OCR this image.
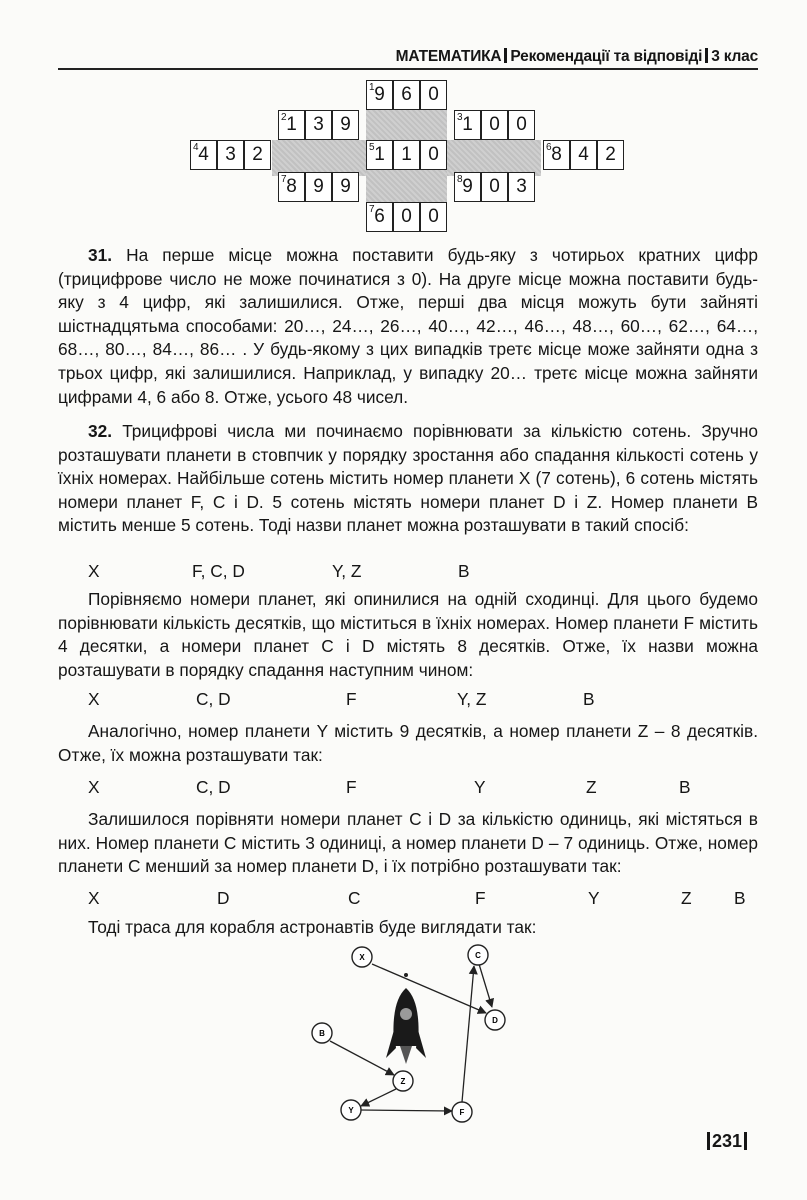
МАТЕМАТИКА Рекомендації та відповіді 3 клас
1 9 6 0
2 1 3 9	3 1 0 0
4 4 3 2	5 1 1 0	6 8 4 2
7 8 9 9	8 9 0 3
7 6 0 0
31. На перше місце можна поставити будь-яку з чотирьох кратних цифр (трицифрове число не може починатися з 0). На друге місце можна поставити будь-яку з 4 цифр, які залишилися. Отже, перші два місця можуть бути зайняті шістнадцятьма способами: 20…, 24…, 26…, 40…, 42…, 46…, 48…, 60…, 62…, 64…, 68…, 80…, 84…, 86… . У будь-якому з цих випадків третє місце може зайняти одна з трьох цифр, які залишилися. Наприклад, у випадку 20… третє місце можна зайняти цифрами 4, 6 або 8. Отже, усього 48 чисел.
32. Трицифрові числа ми починаємо порівнювати за кількістю сотень. Зручно розташувати планети в стовпчик у порядку зростання або спадання кількості сотень у їхніх номерах. Найбільше сотень містить номер планети X (7 сотень), 6 сотень містять номери планет F, C і D. 5 сотень містять номери планет D і Z. Номер планети B містить менше 5 сотень. Тоді назви планет можна розташувати в такий спосіб:
X	F, C, D	Y, Z	B
Порівняємо номери планет, які опинилися на одній сходинці. Для цього будемо порівнювати кількість десятків, що міститься в їхніх номерах. Номер планети F містить 4 десятки, а номери планет C і D містять 8 десятків. Отже, їх назви можна розташувати в порядку спадання наступним чином:
X	C, D	F	Y, Z	B
Аналогічно, номер планети Y містить 9 десятків, а номер планети Z – 8 десятків. Отже, їх можна розташувати так:
X	C, D	F	Y	Z	B
Залишилося порівняти номери планет C і D за кількістю одиниць, які містяться в них. Номер планети C містить 3 одиниці, а номер планети D – 7 одиниць. Отже, номер планети C менший за номер планети D, і їх потрібно розташувати так:
X	D	C	F	Y	Z B
Тоді траса для корабля астронавтів буде виглядати так:
X	C
D
B
Z
Y	F
231
